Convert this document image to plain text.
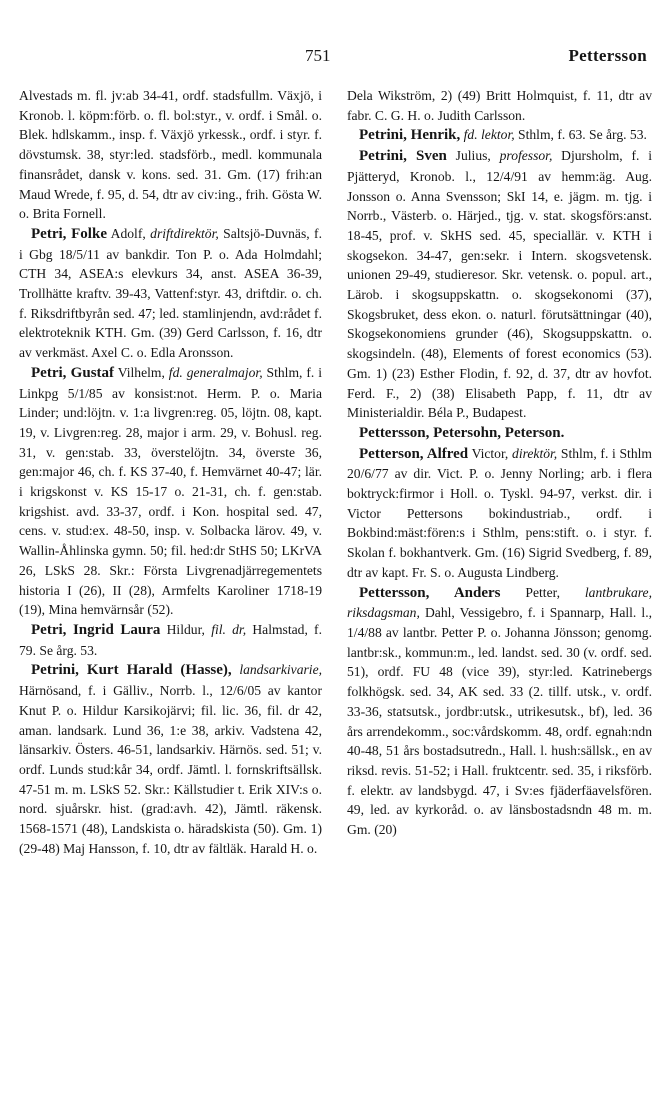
751	Pettersson

Alvestads m. fl. jv:ab 34-41, ordf. stadsfullm. Växjö, i Kronob. l. köpm:förb. o. fl. bol:styr., v. ordf. i Smål. o. Blek. hdlskamm., insp. f. Växjö yrkessk., ordf. i styr. f. dövstumsk. 38, styr:led. stadsförb., medl. kommunala finansrådet, dansk v. kons. sed. 31. Gm. (17) frih:an Maud Wrede, f. 95, d. 54, dtr av civ:ing., frih. Gösta W. o. Brita Fornell.

Petri, Folke Adolf, driftdirektör, Saltsjö-Duvnäs, f. i Gbg 18/5/11 av bankdir. Ton P. o. Ada Holmdahl; CTH 34, ASEA:s elevkurs 34, anst. ASEA 36-39, Trollhätte kraftv. 39-43, Vattenf:styr. 43, driftdir. o. ch. f. Riksdriftbyrån sed. 47; led. stamlinjendn, avd:rådet f. elektroteknik KTH. Gm. (39) Gerd Carlsson, f. 16, dtr av verkmäst. Axel C. o. Edla Aronsson.

Petri, Gustaf Vilhelm, fd. generalmajor, Sthlm, f. i Linkpg 5/1/85 av konsist:not. Herm. P. o. Maria Linder; und:löjtn. v. 1:a livgren:reg. 05, löjtn. 08, kapt. 19, v. Livgren:reg. 28, major i arm. 29, v. Bohusl. reg. 31, v. gen:stab. 33, överstelöjtn. 34, överste 36, gen:major 46, ch. f. KS 37-40, f. Hemvärnet 40-47; lär. i krigskonst v. KS 15-17 o. 21-31, ch. f. gen:stab. krigshist. avd. 33-37, ordf. i Kon. hospital sed. 47, cens. v. stud:ex. 48-50, insp. v. Solbacka lärov. 49, v. Wallin-Åhlinska gymn. 50; fil. hed:dr StHS 50; LKrVA 26, LSkS 28. Skr.: Första Livgrenadjärregementets historia I (26), II (28), Armfelts Karoliner 1718-19 (19), Mina hemvärnsår (52).

Petri, Ingrid Laura Hildur, fil. dr, Halmstad, f. 79. Se årg. 53.

Petrini, Kurt Harald (Hasse), landsarkivarie, Härnösand, f. i Gälliv., Norrb. l., 12/6/05 av kantor Knut P. o. Hildur Karsikojärvi; fil. lic. 36, fil. dr 42, aman. landsark. Lund 36, 1:e 38, arkiv. Vadstena 42, länsarkiv. Östers. 46-51, landsarkiv. Härnös. sed. 51; v. ordf. Lunds stud:kår 34, ordf. Jämtl. l. fornskriftsällsk. 47-51 m. m. LSkS 52. Skr.: Källstudier t. Erik XIV:s o. nord. sjuårskr. hist. (grad:avh. 42), Jämtl. räkensk. 1568-1571 (48), Landskista o. häradskista (50). Gm. 1) (29-48) Maj Hansson, f. 10, dtr av fältläk. Harald H. o.

Dela Wikström, 2) (49) Britt Holmquist, f. 11, dtr av fabr. C. G. H. o. Judith Carlsson.

Petrini, Henrik, fd. lektor, Sthlm, f. 63. Se årg. 53.

Petrini, Sven Julius, professor, Djursholm, f. i Pjätteryd, Kronob. l., 12/4/91 av hemm:äg. Aug. Jonsson o. Anna Svensson; SkI 14, e. jägm. m. tjg. i Norrb., Västerb. o. Härjed., tjg. v. stat. skogsförs:anst. 18-45, prof. v. SkHS sed. 45, speciallär. v. KTH i skogsekon. 34-47, gen:sekr. i Intern. skogsvetensk. unionen 29-49, studieresor. Skr. vetensk. o. popul. art., Lärob. i skogsuppskattn. o. skogsekonomi (37), Skogsbruket, dess ekon. o. naturl. förutsättningar (40), Skogsekonomiens grunder (46), Skogsuppskattn. o. skogsindeln. (48), Elements of forest economics (53). Gm. 1) (23) Esther Flodin, f. 92, d. 37, dtr av hovfot. Ferd. F., 2) (38) Elisabeth Papp, f. 11, dtr av Ministerialdir. Béla P., Budapest.

Pettersson, Petersohn, Peterson.

Petterson, Alfred Victor, direktör, Sthlm, f. i Sthlm 20/6/77 av dir. Vict. P. o. Jenny Norling; arb. i flera boktryck:firmor i Holl. o. Tyskl. 94-97, verkst. dir. i Victor Pettersons bokindustriab., ordf. i Bokbind:mäst:fören:s i Sthlm, pens:stift. o. i styr. f. Skolan f. bokhantverk. Gm. (16) Sigrid Svedberg, f. 89, dtr av kapt. Fr. S. o. Augusta Lindberg.

Pettersson, Anders Petter, lantbrukare, riksdagsman, Dahl, Vessigebro, f. i Spannarp, Hall. l., 1/4/88 av lantbr. Petter P. o. Johanna Jönsson; genomg. lantbr:sk., kommun:m., led. landst. sed. 30 (v. ordf. sed. 51), ordf. FU 48 (vice 39), styr:led. Katrinebergs folkhögsk. sed. 34, AK sed. 33 (2. tillf. utsk., v. ordf. 33-36, statsutsk., jordbr:utsk., utrikesutsk., bf), led. 36 års arrendekomm., soc:vårdskomm. 48, ordf. egnah:ndn 40-48, 51 års bostadsutredn., Hall. l. hush:sällsk., en av riksd. revis. 51-52; i Hall. fruktcentr. sed. 35, i riksförb. f. elektr. av landsbygd. 47, i Sv:es fjäderfäavelsfören. 49, led. av kyrkoråd. o. av länsbostadsndn 48 m. m. Gm. (20)
